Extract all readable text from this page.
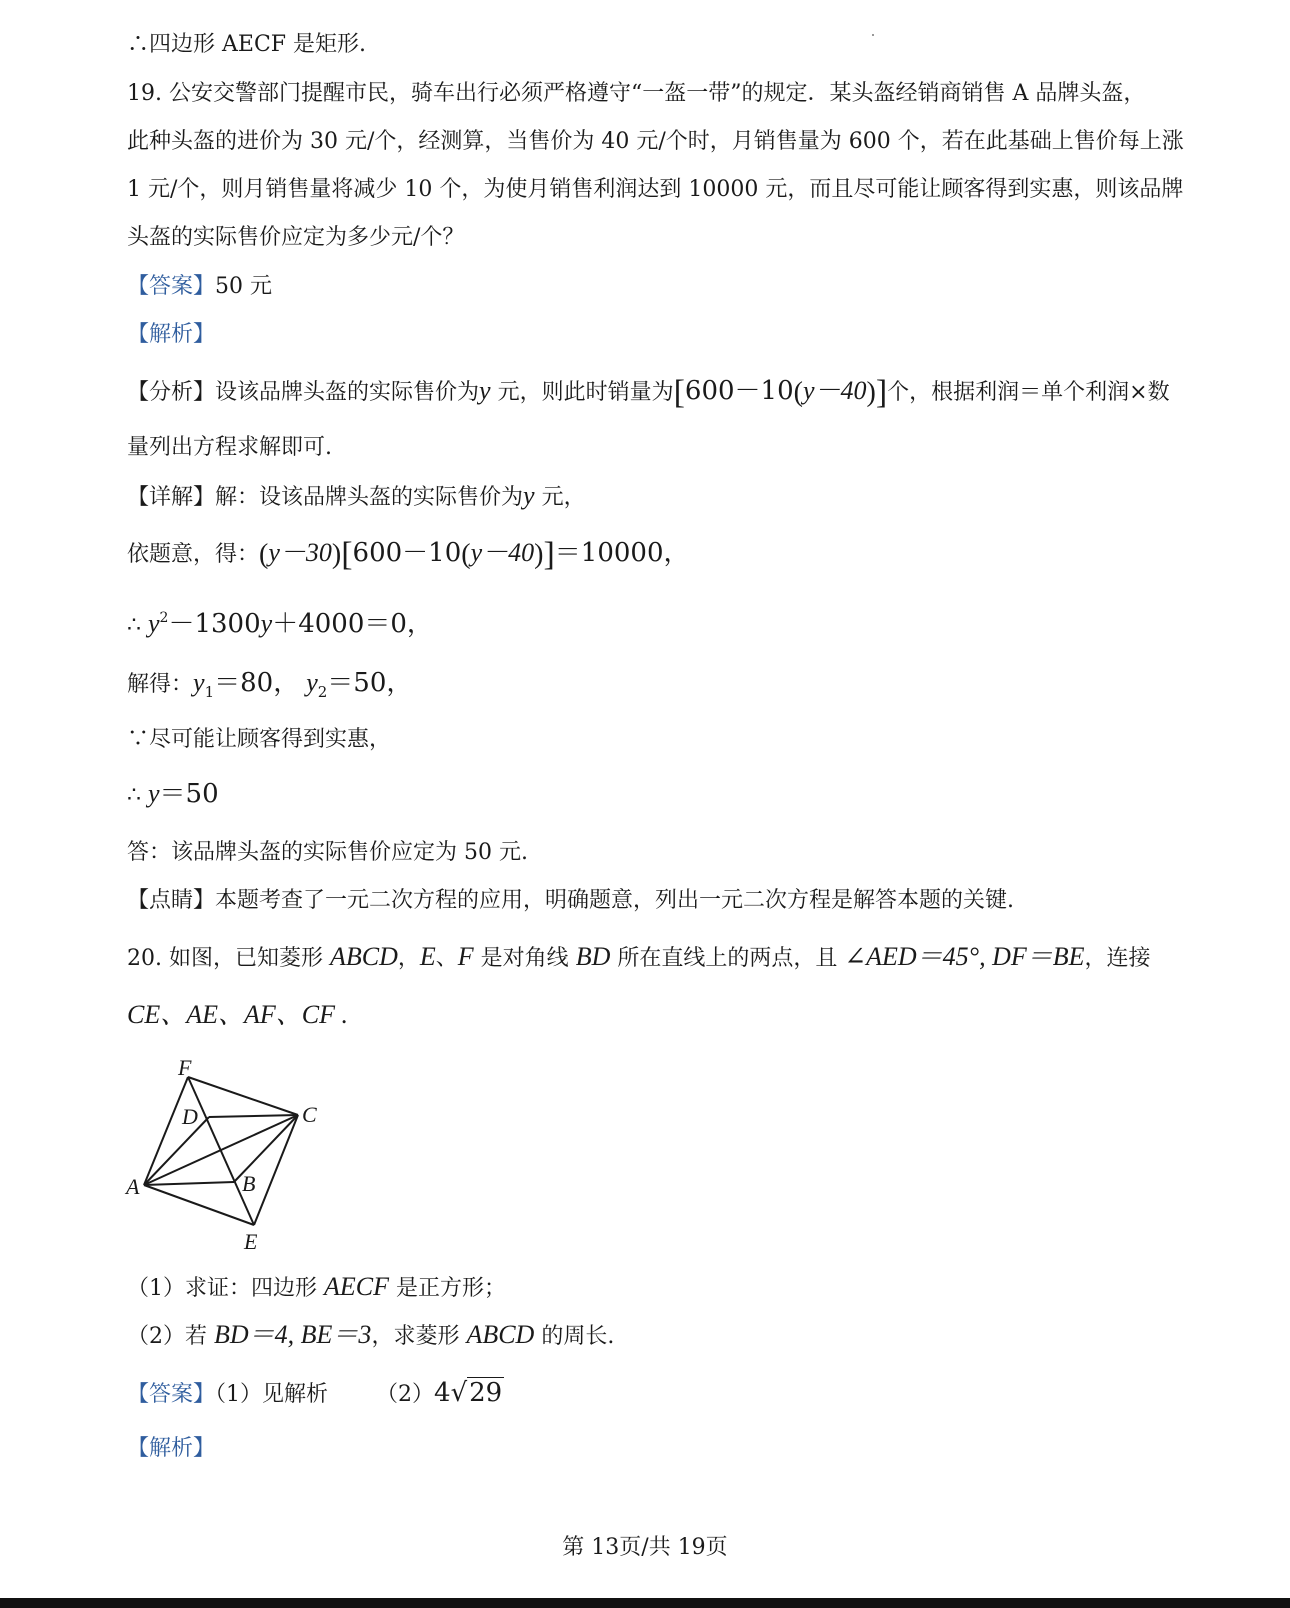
∴四边形 AECF 是矩形.
19. 公安交警部门提醒市民，骑车出行必须严格遵守“一盔一带”的规定．某头盔经销商销售 A 品牌头盔，
此种头盔的进价为 30 元/个，经测算，当售价为 40 元/个时，月销售量为 600 个，若在此基础上售价每上涨
1 元/个，则月销售量将减少 10 个，为使月销售利润达到 10000 元，而且尽可能让顾客得到实惠，则该品牌
头盔的实际售价应定为多少元/个？
【答案】50 元
【解析】
【分析】设该品牌头盔的实际售价为y 元，则此时销量为[600－10(y－40)]个，根据利润＝单个利润×数
量列出方程求解即可.
【详解】解：设该品牌头盔的实际售价为y 元，
依题意，得：(y－30)[600－10(y－40)]＝10000，
∴ $y^2-1300y+4000=0$，
解得：$y_1=80$， $y_2=50$，
∵尽可能让顾客得到实惠，
∴ y＝50
答：该品牌头盔的实际售价应定为 50 元.
【点睛】本题考查了一元二次方程的应用，明确题意，列出一元二次方程是解答本题的关键.
20. 如图，已知菱形 ABCD，E、F 是对角线 BD 所在直线上的两点，且 ∠AED＝45°, DF＝BE，连接
CE、AE、AF、CF .
F
D	C
A	B
E
（1）求证：四边形 AECF 是正方形；
（2）若 BD＝4, BE＝3，求菱形 ABCD 的周长.
【答案】（1）见解析 （2）4√29
【解析】
第 13页/共 19页
